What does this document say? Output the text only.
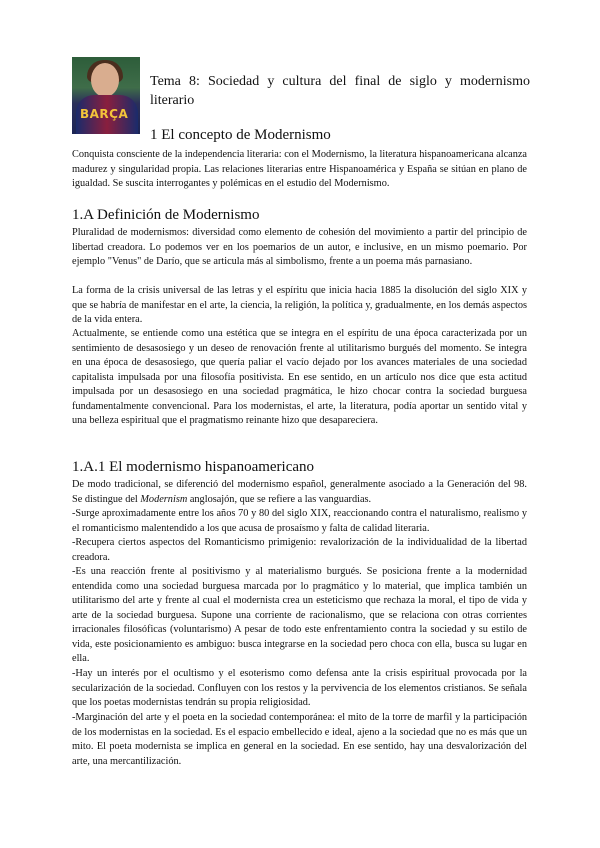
BARÇA
Tema 8: Sociedad y cultura del final de siglo y modernismo literario
1 El concepto de Modernismo

Conquista consciente de la independencia literaria: con el Modernismo, la literatura hispanoamericana alcanza madurez y singularidad propia. Las relaciones literarias entre Hispanoamérica y España se sitúan en plano de igualdad. Se suscita interrogantes y polémicas en el estudio del Modernismo.

1.A Definición de Modernismo

Pluralidad de modernismos: diversidad como elemento de cohesión del movimiento a partir del principio de libertad creadora. Lo podemos ver en los poemarios de un autor, e inclusive, en un mismo poemario. Por ejemplo "Venus" de Darío, que se articula más al simbolismo, frente a un poema más parnasiano.

La forma de la crisis universal de las letras y el espíritu que inicia hacia 1885 la disolución del siglo XIX y que se habría de manifestar en el arte, la ciencia, la religión, la política y, gradualmente, en los demás aspectos de la vida entera.

Actualmente, se entiende como una estética que se integra en el espíritu de una época caracterizada por un sentimiento de desasosiego y un deseo de renovación frente al utilitarismo burgués del momento. Se integra en una época de desasosiego, que quería paliar el vacío dejado por los avances materiales de una sociedad capitalista impulsada por una filosofía positivista. En ese sentido, en un artículo nos dice que esta actitud impulsada por un desasosiego en una sociedad pragmática, le hizo chocar contra la sociedad burguesa fundamentalmente convencional. Para los modernistas, el arte, la literatura, podía aportar un sentido vital y una belleza espiritual que el pragmatismo reinante hizo que desapareciera.

1.A.1 El modernismo hispanoamericano

De modo tradicional, se diferenció del modernismo español, generalmente asociado a la Generación del 98. Se distingue del Modernism anglosajón, que se refiere a las vanguardias.

-Surge aproximadamente entre los años 70 y 80 del siglo XIX, reaccionando contra el naturalismo, realismo y el romanticismo malentendido a los que acusa de prosaísmo y falta de calidad literaria.

-Recupera ciertos aspectos del Romanticismo primigenio: revalorización de la individualidad de la libertad creadora.

-Es una reacción frente al positivismo y al materialismo burgués. Se posiciona frente a la modernidad entendida como una sociedad burguesa marcada por lo pragmático y lo material, que implica también un utilitarismo del arte y frente al cual el modernista crea un esteticismo que rechaza la moral, el tipo de vida y arte de la sociedad burguesa. Supone una corriente de racionalismo, que se relaciona con otras corrientes irracionales filosóficas (voluntarismo) A pesar de todo este enfrentamiento contra la sociedad y su estilo de vida, este posicionamiento es ambiguo: busca integrarse en la sociedad pero choca con ella, busca su lugar en ella.

-Hay un interés por el ocultismo y el esoterismo como defensa ante la crisis espiritual provocada por la secularización de la sociedad. Confluyen con los restos y la pervivencia de los elementos cristianos. Se señala que los poetas modernistas tendrán su propia religiosidad.

-Marginación del arte y el poeta en la sociedad contemporánea: el mito de la torre de marfil y la participación de los modernistas en la sociedad. Es el espacio embellecido e ideal, ajeno a la sociedad que no es más que un mito. El poeta modernista se implica en general en la sociedad. En ese sentido, hay una desvalorización del arte, una mercantilización.
